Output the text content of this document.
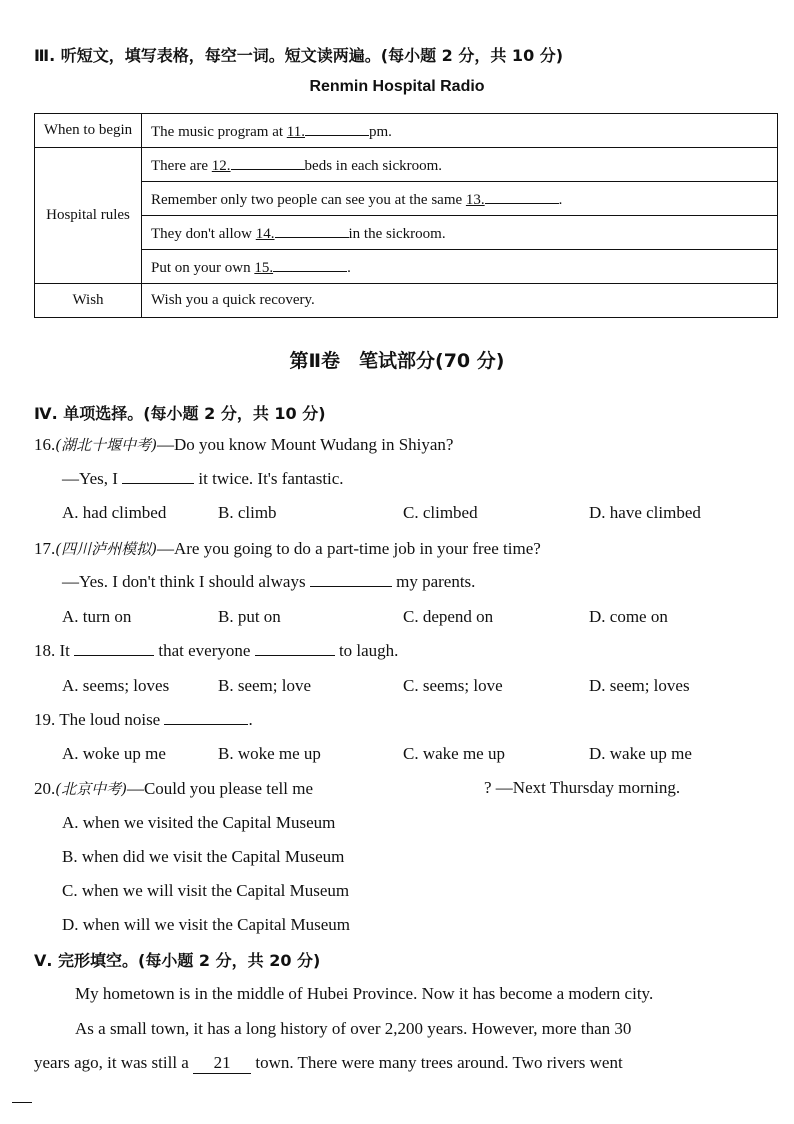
Ⅲ. 听短文，填写表格，每空一词。短文读两遍。(每小题 2 分，共 10 分)
Renmin Hospital Radio
When to begin	The music program at 11. pm.
Hospital rules	There are 12. beds in each sickroom.
	Remember only two people can see you at the same 13. .
	They don't allow 14. in the sickroom.
	Put on your own 15. .
Wish	Wish you a quick recovery.
第Ⅱ卷　笔试部分(70 分)
Ⅳ. 单项选择。(每小题 2 分，共 10 分)
16.(湖北十堰中考)—Do you know Mount Wudang in Shiyan?
—Yes, I	it twice. It's fantastic.
A. had climbed	B. climb	C. climbed	D. have climbed
17.(四川泸州模拟)—Are you going to do a part-time job in your free time?
—Yes. I don't think I should always	my parents.
A. turn on	B. put on	C. depend on	D. come on
18. It	that everyone	to laugh.
A. seems; loves	B. seem; love	C. seems; love	D. seem; loves
19. The loud noise	.
A. woke up me	B. woke me up	C. wake me up	D. wake up me
20.(北京中考)—Could you please tell me	? —Next Thursday morning.
A. when we visited the Capital Museum
B. when did we visit the Capital Museum
C. when we will visit the Capital Museum
D. when will we visit the Capital Museum
Ⅴ. 完形填空。(每小题 2 分，共 20 分)
My hometown is in the middle of Hubei Province. Now it has become a modern city.
As a small town, it has a long history of over 2,200 years. However, more than 30
years ago, it was still a 21 town. There were many trees around. Two rivers went
